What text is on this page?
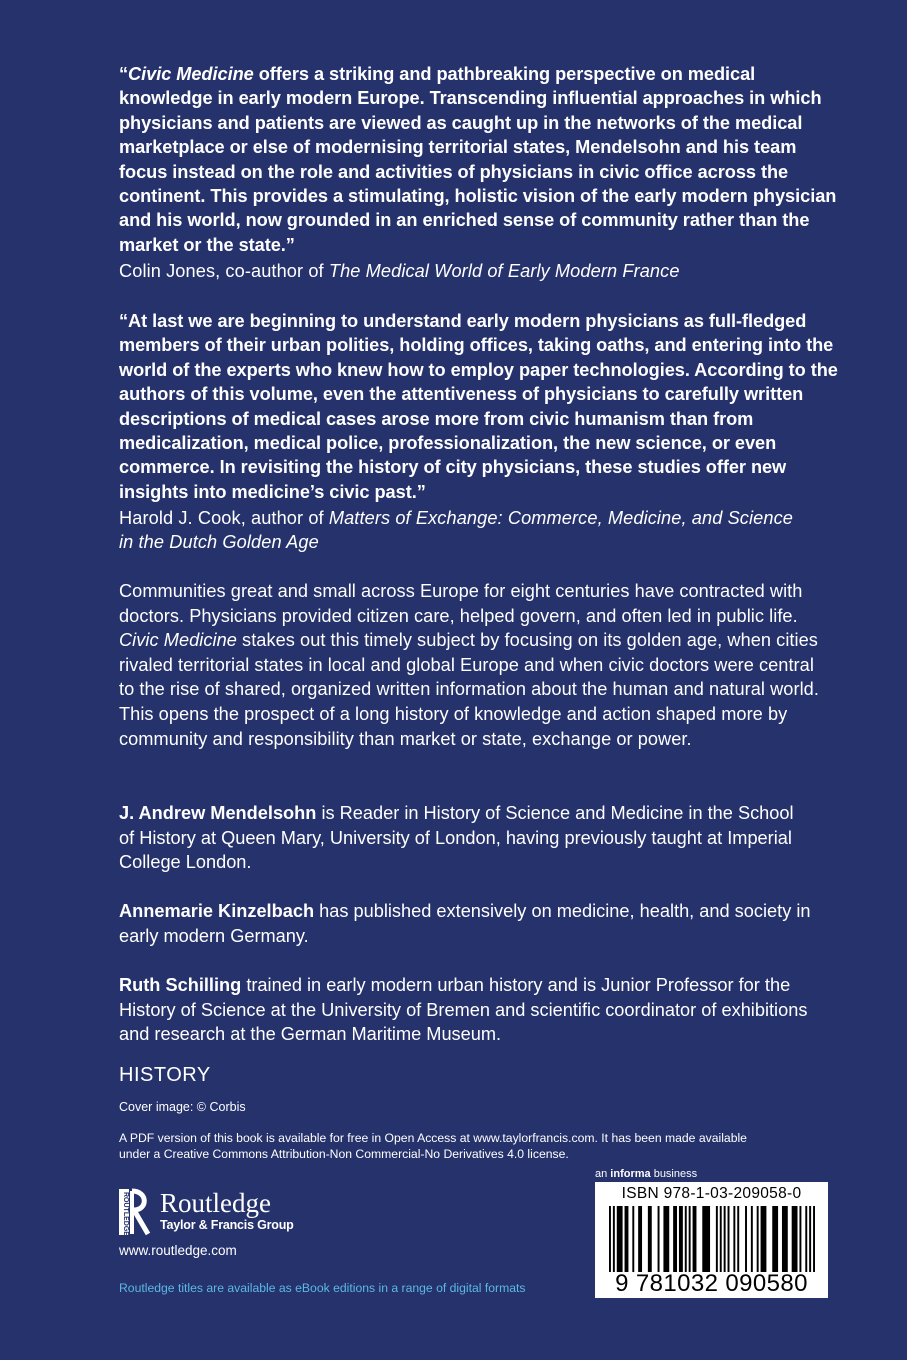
“Civic Medicine offers a striking and pathbreaking perspective on medical knowledge in early modern Europe. Transcending influential approaches in which physicians and patients are viewed as caught up in the networks of the medical marketplace or else of modernising territorial states, Mendelsohn and his team focus instead on the role and activities of physicians in civic office across the continent. This provides a stimulating, holistic vision of the early modern physician and his world, now grounded in an enriched sense of community rather than the market or the state.”
Colin Jones, co-author of The Medical World of Early Modern France
“At last we are beginning to understand early modern physicians as full-fledged members of their urban polities, holding offices, taking oaths, and entering into the world of the experts who knew how to employ paper technologies. According to the authors of this volume, even the attentiveness of physicians to carefully written descriptions of medical cases arose more from civic humanism than from medicalization, medical police, professionalization, the new science, or even commerce. In revisiting the history of city physicians, these studies offer new insights into medicine’s civic past.”
Harold J. Cook, author of Matters of Exchange: Commerce, Medicine, and Science in the Dutch Golden Age
Communities great and small across Europe for eight centuries have contracted with doctors. Physicians provided citizen care, helped govern, and often led in public life. Civic Medicine stakes out this timely subject by focusing on its golden age, when cities rivaled territorial states in local and global Europe and when civic doctors were central to the rise of shared, organized written information about the human and natural world. This opens the prospect of a long history of knowledge and action shaped more by community and responsibility than market or state, exchange or power.
J. Andrew Mendelsohn is Reader in History of Science and Medicine in the School of History at Queen Mary, University of London, having previously taught at Imperial College London.
Annemarie Kinzelbach has published extensively on medicine, health, and society in early modern Germany.
Ruth Schilling trained in early modern urban history and is Junior Professor for the History of Science at the University of Bremen and scientific coordinator of exhibitions and research at the German Maritime Museum.
HISTORY
Cover image: © Corbis
A PDF version of this book is available for free in Open Access at www.taylorfrancis.com. It has been made available under a Creative Commons Attribution-Non Commercial-No Derivatives 4.0 license.
an informa business
ROUTLEDGE Routledge
Taylor & Francis Group
www.routledge.com
Routledge titles are available as eBook editions in a range of digital formats
ISBN 978-1-03-209058-0
9 781032 090580
